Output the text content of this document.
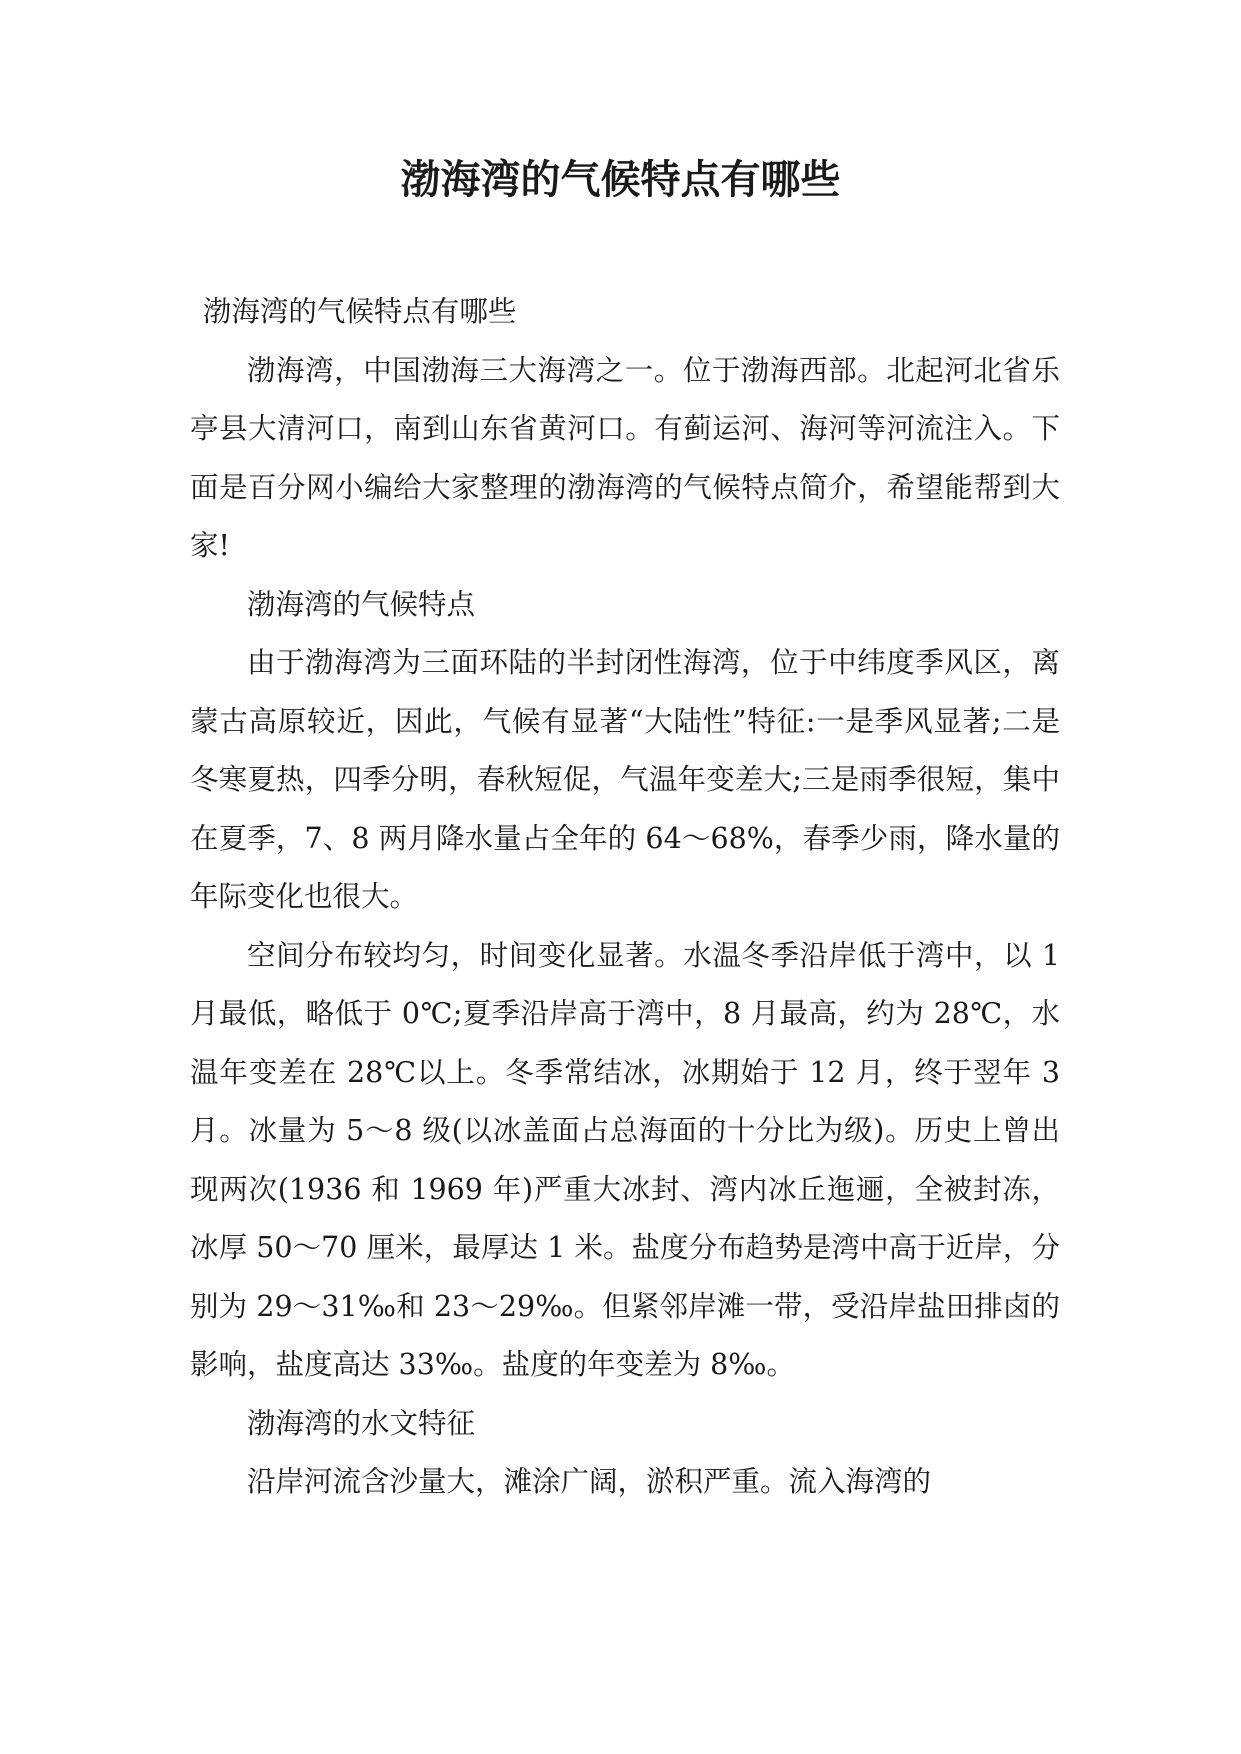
渤海湾的气候特点有哪些

渤海湾的气候特点有哪些

渤海湾，中国渤海三大海湾之一。位于渤海西部。北起河北省乐亭县大清河口，南到山东省黄河口。有蓟运河、海河等河流注入。下面是百分网小编给大家整理的渤海湾的气候特点简介，希望能帮到大家!

渤海湾的气候特点

由于渤海湾为三面环陆的半封闭性海湾，位于中纬度季风区，离蒙古高原较近，因此，气候有显著“大陆性”特征:一是季风显著;二是冬寒夏热，四季分明，春秋短促，气温年变差大;三是雨季很短，集中在夏季，7、8 两月降水量占全年的 64～68%，春季少雨，降水量的年际变化也很大。

空间分布较均匀，时间变化显著。水温冬季沿岸低于湾中，以 1 月最低，略低于 0℃;夏季沿岸高于湾中，8 月最高，约为 28℃，水温年变差在 28℃以上。冬季常结冰，冰期始于 12 月，终于翌年 3 月。冰量为 5～8 级(以冰盖面占总海面的十分比为级)。历史上曾出现两次(1936 和 1969 年)严重大冰封、湾内冰丘迤逦，全被封冻，冰厚 50～70 厘米，最厚达 1 米。盐度分布趋势是湾中高于近岸，分别为 29～31‰和 23～29‰。但紧邻岸滩一带，受沿岸盐田排卤的影响，盐度高达 33‰。盐度的年变差为 8‰。

渤海湾的水文特征

沿岸河流含沙量大，滩涂广阔，淤积严重。流入海湾的
